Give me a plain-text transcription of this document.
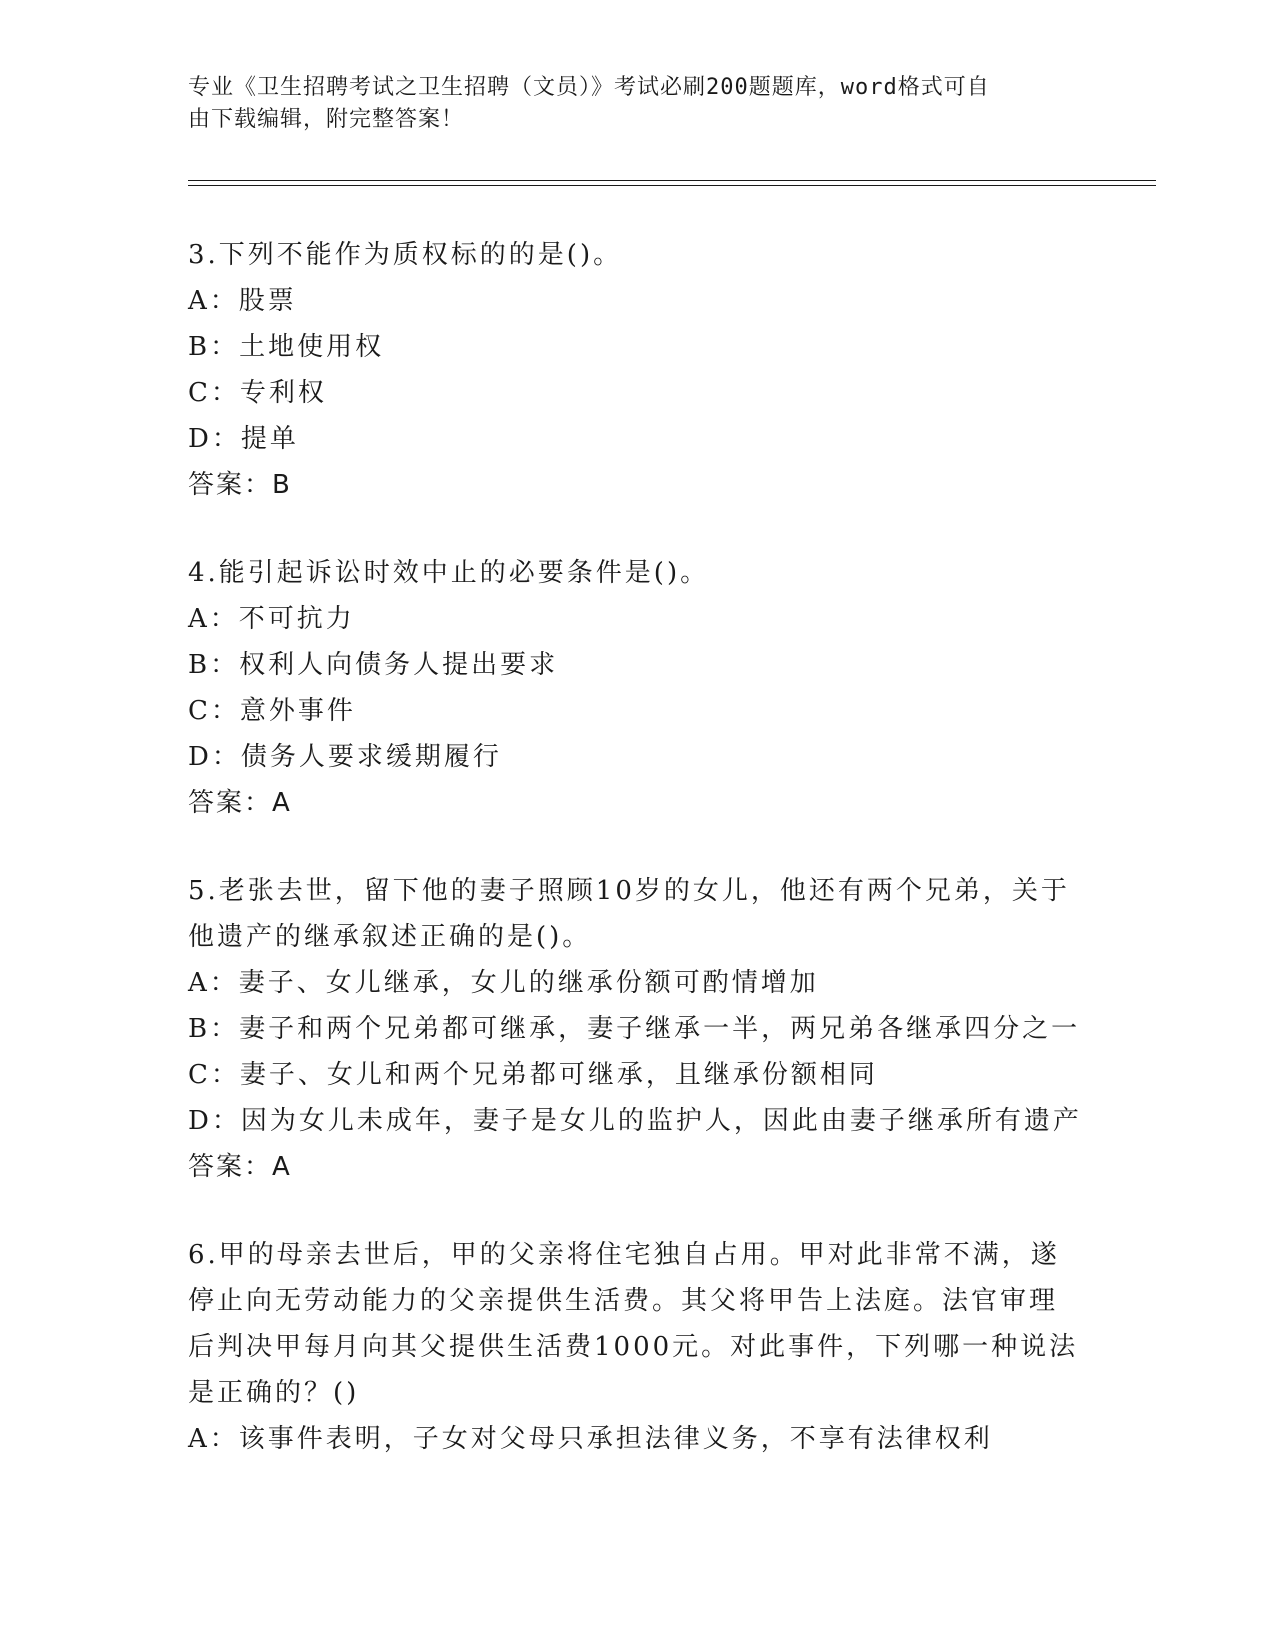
专业《卫生招聘考试之卫生招聘（文员）》考试必刷200题题库，word格式可自
由下载编辑，附完整答案！
3.下列不能作为质权标的的是()。
A：股票
B：土地使用权
C：专利权
D：提单
答案：B
4.能引起诉讼时效中止的必要条件是()。
A：不可抗力
B：权利人向债务人提出要求
C：意外事件
D：债务人要求缓期履行
答案：A
5.老张去世，留下他的妻子照顾10岁的女儿，他还有两个兄弟，关于
他遗产的继承叙述正确的是()。
A：妻子、女儿继承，女儿的继承份额可酌情增加
B：妻子和两个兄弟都可继承，妻子继承一半，两兄弟各继承四分之一
C：妻子、女儿和两个兄弟都可继承，且继承份额相同
D：因为女儿未成年，妻子是女儿的监护人，因此由妻子继承所有遗产
答案：A
6.甲的母亲去世后，甲的父亲将住宅独自占用。甲对此非常不满，遂
停止向无劳动能力的父亲提供生活费。其父将甲告上法庭。法官审理
后判决甲每月向其父提供生活费1000元。对此事件，下列哪一种说法
是正确的？()
A：该事件表明，子女对父母只承担法律义务，不享有法律权利
